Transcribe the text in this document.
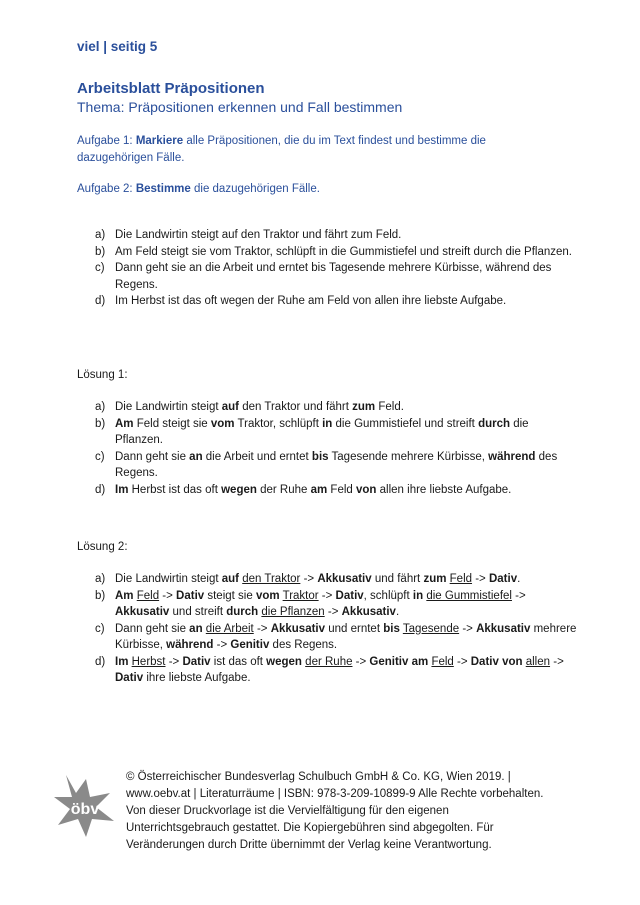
viel | seitig 5
Arbeitsblatt Präpositionen
Thema: Präpositionen erkennen und Fall bestimmen
Aufgabe 1: Markiere alle Präpositionen, die du im Text findest und bestimme die dazugehörigen Fälle.
Aufgabe 2: Bestimme die dazugehörigen Fälle.
a) Die Landwirtin steigt auf den Traktor und fährt zum Feld.
b) Am Feld steigt sie vom Traktor, schlüpft in die Gummistiefel und streift durch die Pflanzen.
c) Dann geht sie an die Arbeit und erntet bis Tagesende mehrere Kürbisse, während des Regens.
d) Im Herbst ist das oft wegen der Ruhe am Feld von allen ihre liebste Aufgabe.
Lösung 1:
a) Die Landwirtin steigt auf den Traktor und fährt zum Feld.
b) Am Feld steigt sie vom Traktor, schlüpft in die Gummistiefel und streift durch die Pflanzen.
c) Dann geht sie an die Arbeit und erntet bis Tagesende mehrere Kürbisse, während des Regens.
d) Im Herbst ist das oft wegen der Ruhe am Feld von allen ihre liebste Aufgabe.
Lösung 2:
a) Die Landwirtin steigt auf den Traktor -> Akkusativ und fährt zum Feld -> Dativ.
b) Am Feld -> Dativ steigt sie vom Traktor -> Dativ, schlüpft in die Gummistiefel -> Akkusativ und streift durch die Pflanzen -> Akkusativ.
c) Dann geht sie an die Arbeit -> Akkusativ und erntet bis Tagesende -> Akkusativ mehrere Kürbisse, während -> Genitiv des Regens.
d) Im Herbst -> Dativ ist das oft wegen der Ruhe -> Genitiv am Feld -> Dativ von allen -> Dativ ihre liebste Aufgabe.
öbv
© Österreichischer Bundesverlag Schulbuch GmbH & Co. KG, Wien 2019. | www.oebv.at | Literaturräume | ISBN: 978-3-209-10899-9 Alle Rechte vorbehalten. Von dieser Druckvorlage ist die Vervielfältigung für den eigenen Unterrichtsgebrauch gestattet. Die Kopiergebühren sind abgegolten. Für Veränderungen durch Dritte übernimmt der Verlag keine Verantwortung.
